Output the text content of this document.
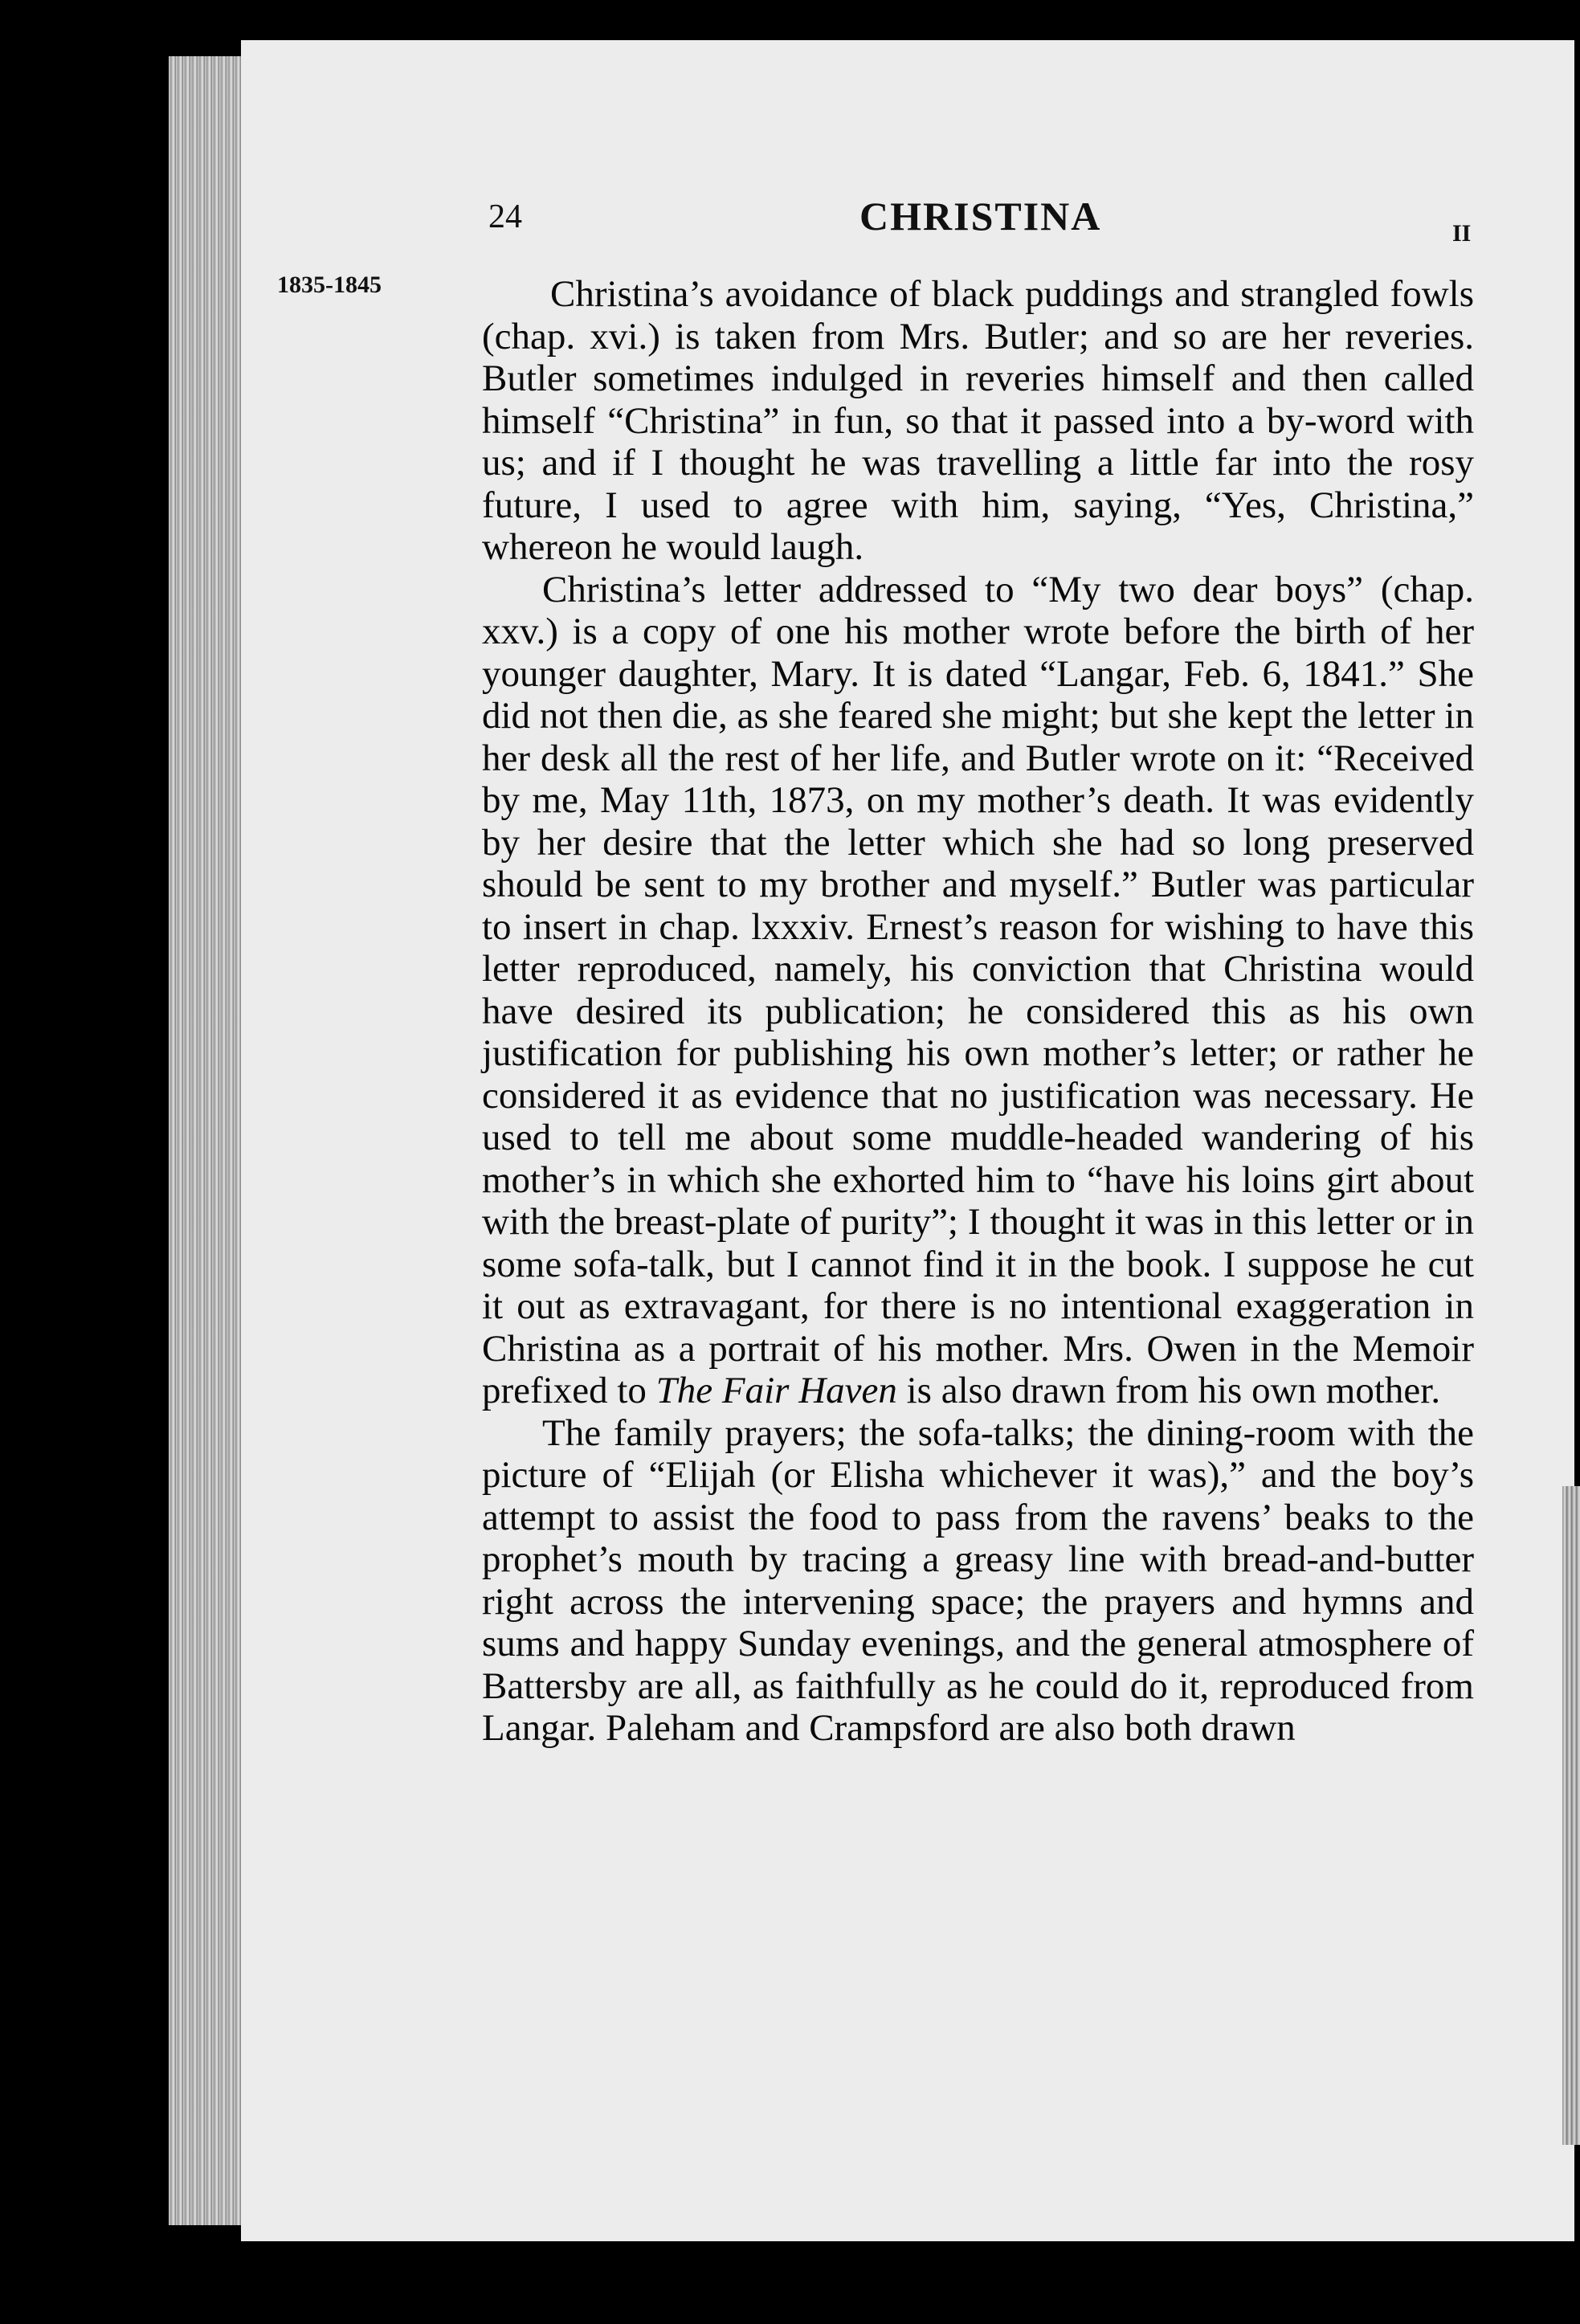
24	CHRISTINA	II
1835-1845	Christina’s avoidance of black puddings and strangled fowls (chap. xvi.) is taken from Mrs. Butler; and so are her reveries. Butler sometimes indulged in reveries himself and then called himself “Christina” in fun, so that it passed into a by-word with us; and if I thought he was travelling a little far into the rosy future, I used to agree with him, saying, “Yes, Christina,” whereon he would laugh.

Christina’s letter addressed to “My two dear boys” (chap. xxv.) is a copy of one his mother wrote before the birth of her younger daughter, Mary. It is dated “Langar, Feb. 6, 1841.” She did not then die, as she feared she might; but she kept the letter in her desk all the rest of her life, and Butler wrote on it: “Received by me, May 11th, 1873, on my mother’s death. It was evidently by her desire that the letter which she had so long preserved should be sent to my brother and myself.” Butler was particular to insert in chap. lxxxiv. Ernest’s reason for wishing to have this letter reproduced, namely, his conviction that Christina would have desired its publication; he considered this as his own justification for publishing his own mother’s letter; or rather he considered it as evidence that no justification was necessary. He used to tell me about some muddle-headed wandering of his mother’s in which she exhorted him to “have his loins girt about with the breast-plate of purity”; I thought it was in this letter or in some sofa-talk, but I cannot find it in the book. I suppose he cut it out as extravagant, for there is no intentional exaggeration in Christina as a portrait of his mother. Mrs. Owen in the Memoir prefixed to The Fair Haven is also drawn from his own mother.

The family prayers; the sofa-talks; the dining-room with the picture of “Elijah (or Elisha whichever it was),” and the boy’s attempt to assist the food to pass from the ravens’ beaks to the prophet’s mouth by tracing a greasy line with bread-and-butter right across the intervening space; the prayers and hymns and sums and happy Sunday evenings, and the general atmosphere of Battersby are all, as faithfully as he could do it, reproduced from Langar. Paleham and Crampsford are also both drawn
